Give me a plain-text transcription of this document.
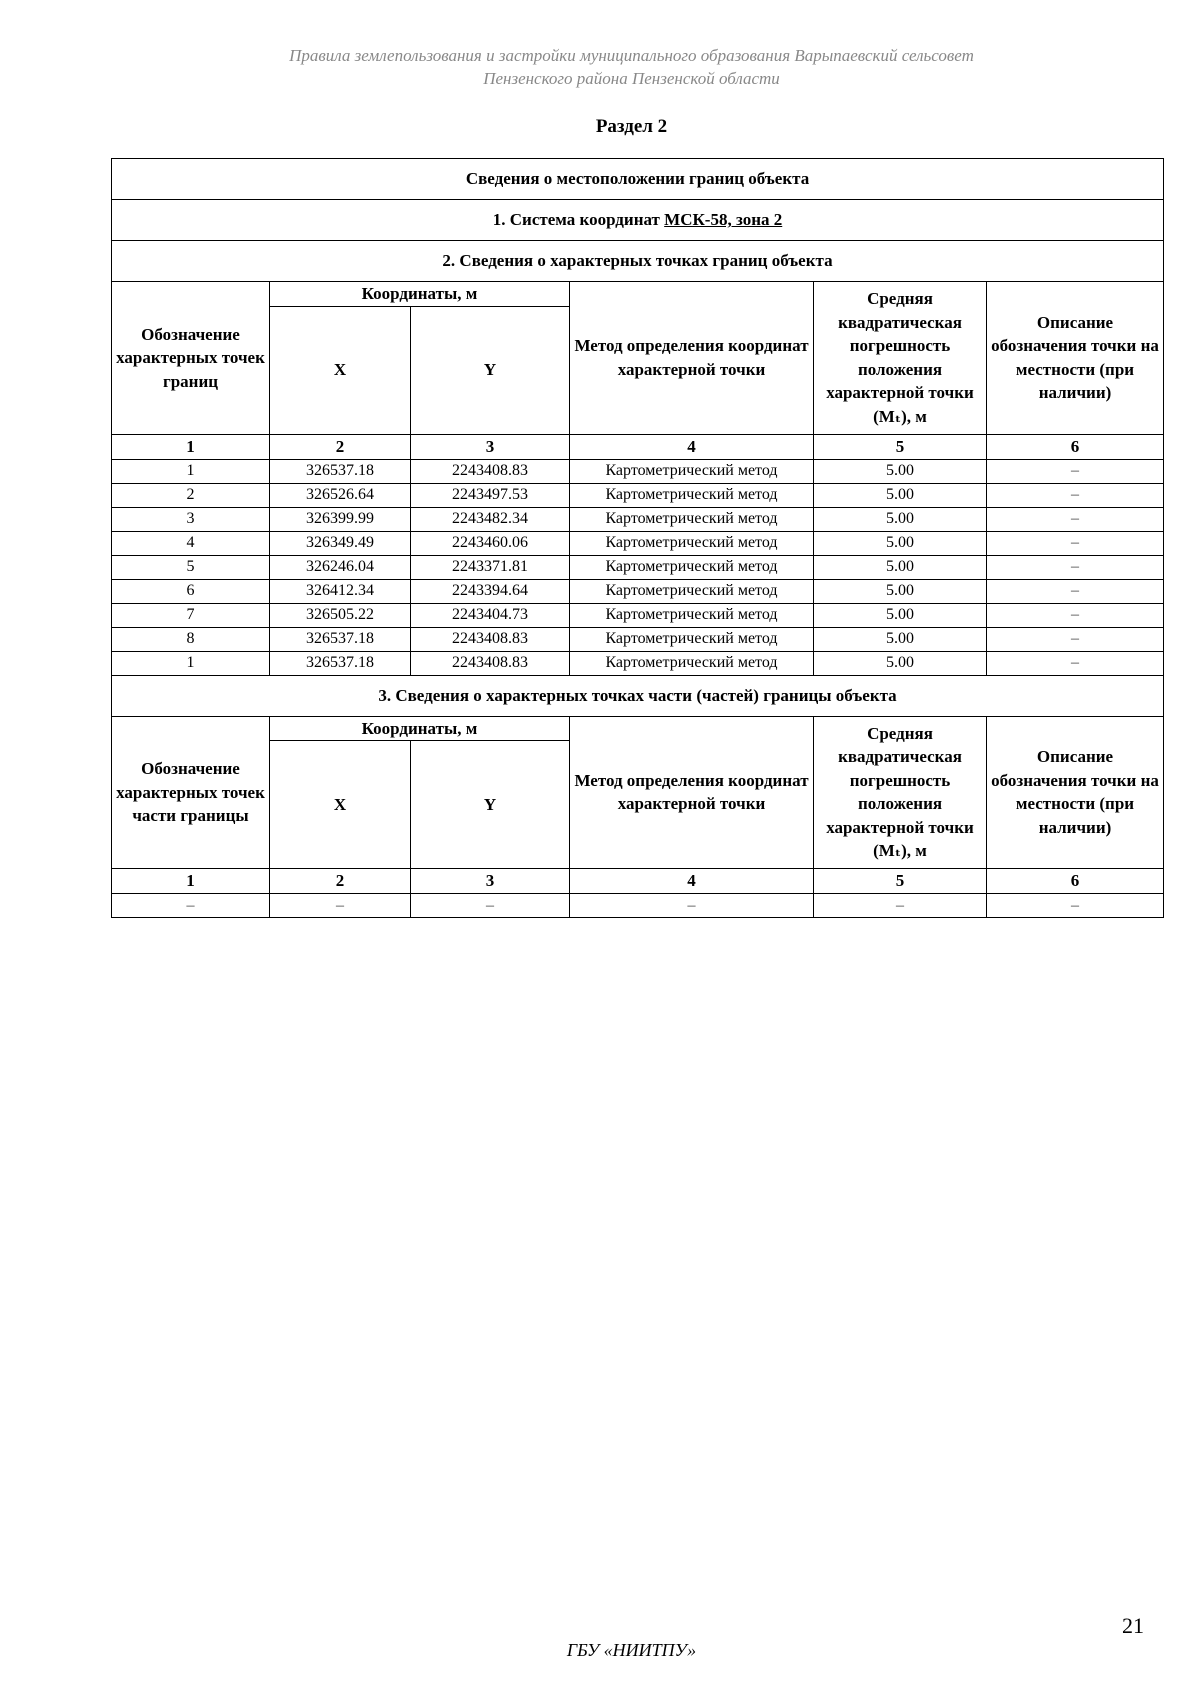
Правила землепользования и застройки муниципального образования Варыпаевский сельсовет
Пензенского района Пензенской области
Раздел 2
Сведения о местоположении границ объекта					
1. Система координат МСК-58, зона 2					
2. Сведения о характерных точках границ объекта					
Обозначение характерных точек границ	Координаты, м		Метод определения координат характерной точки	Средняя квадратическая погрешность положения характерной точки (Mₜ), м	Описание обозначения точки на местности (при наличии)
	X	Y			
1	2	3	4	5	6
1	326537.18	2243408.83	Картометрический метод	5.00	–
2	326526.64	2243497.53	Картометрический метод	5.00	–
3	326399.99	2243482.34	Картометрический метод	5.00	–
4	326349.49	2243460.06	Картометрический метод	5.00	–
5	326246.04	2243371.81	Картометрический метод	5.00	–
6	326412.34	2243394.64	Картометрический метод	5.00	–
7	326505.22	2243404.73	Картометрический метод	5.00	–
8	326537.18	2243408.83	Картометрический метод	5.00	–
1	326537.18	2243408.83	Картометрический метод	5.00	–
3. Сведения о характерных точках части (частей) границы объекта					
Обозначение характерных точек части границы	Координаты, м		Метод определения координат характерной точки	Средняя квадратическая погрешность положения характерной точки (Mₜ), м	Описание обозначения точки на местности (при наличии)
	X	Y			
1	2	3	4	5	6
–	–	–	–	–	–
21
ГБУ «НИИТПУ»
